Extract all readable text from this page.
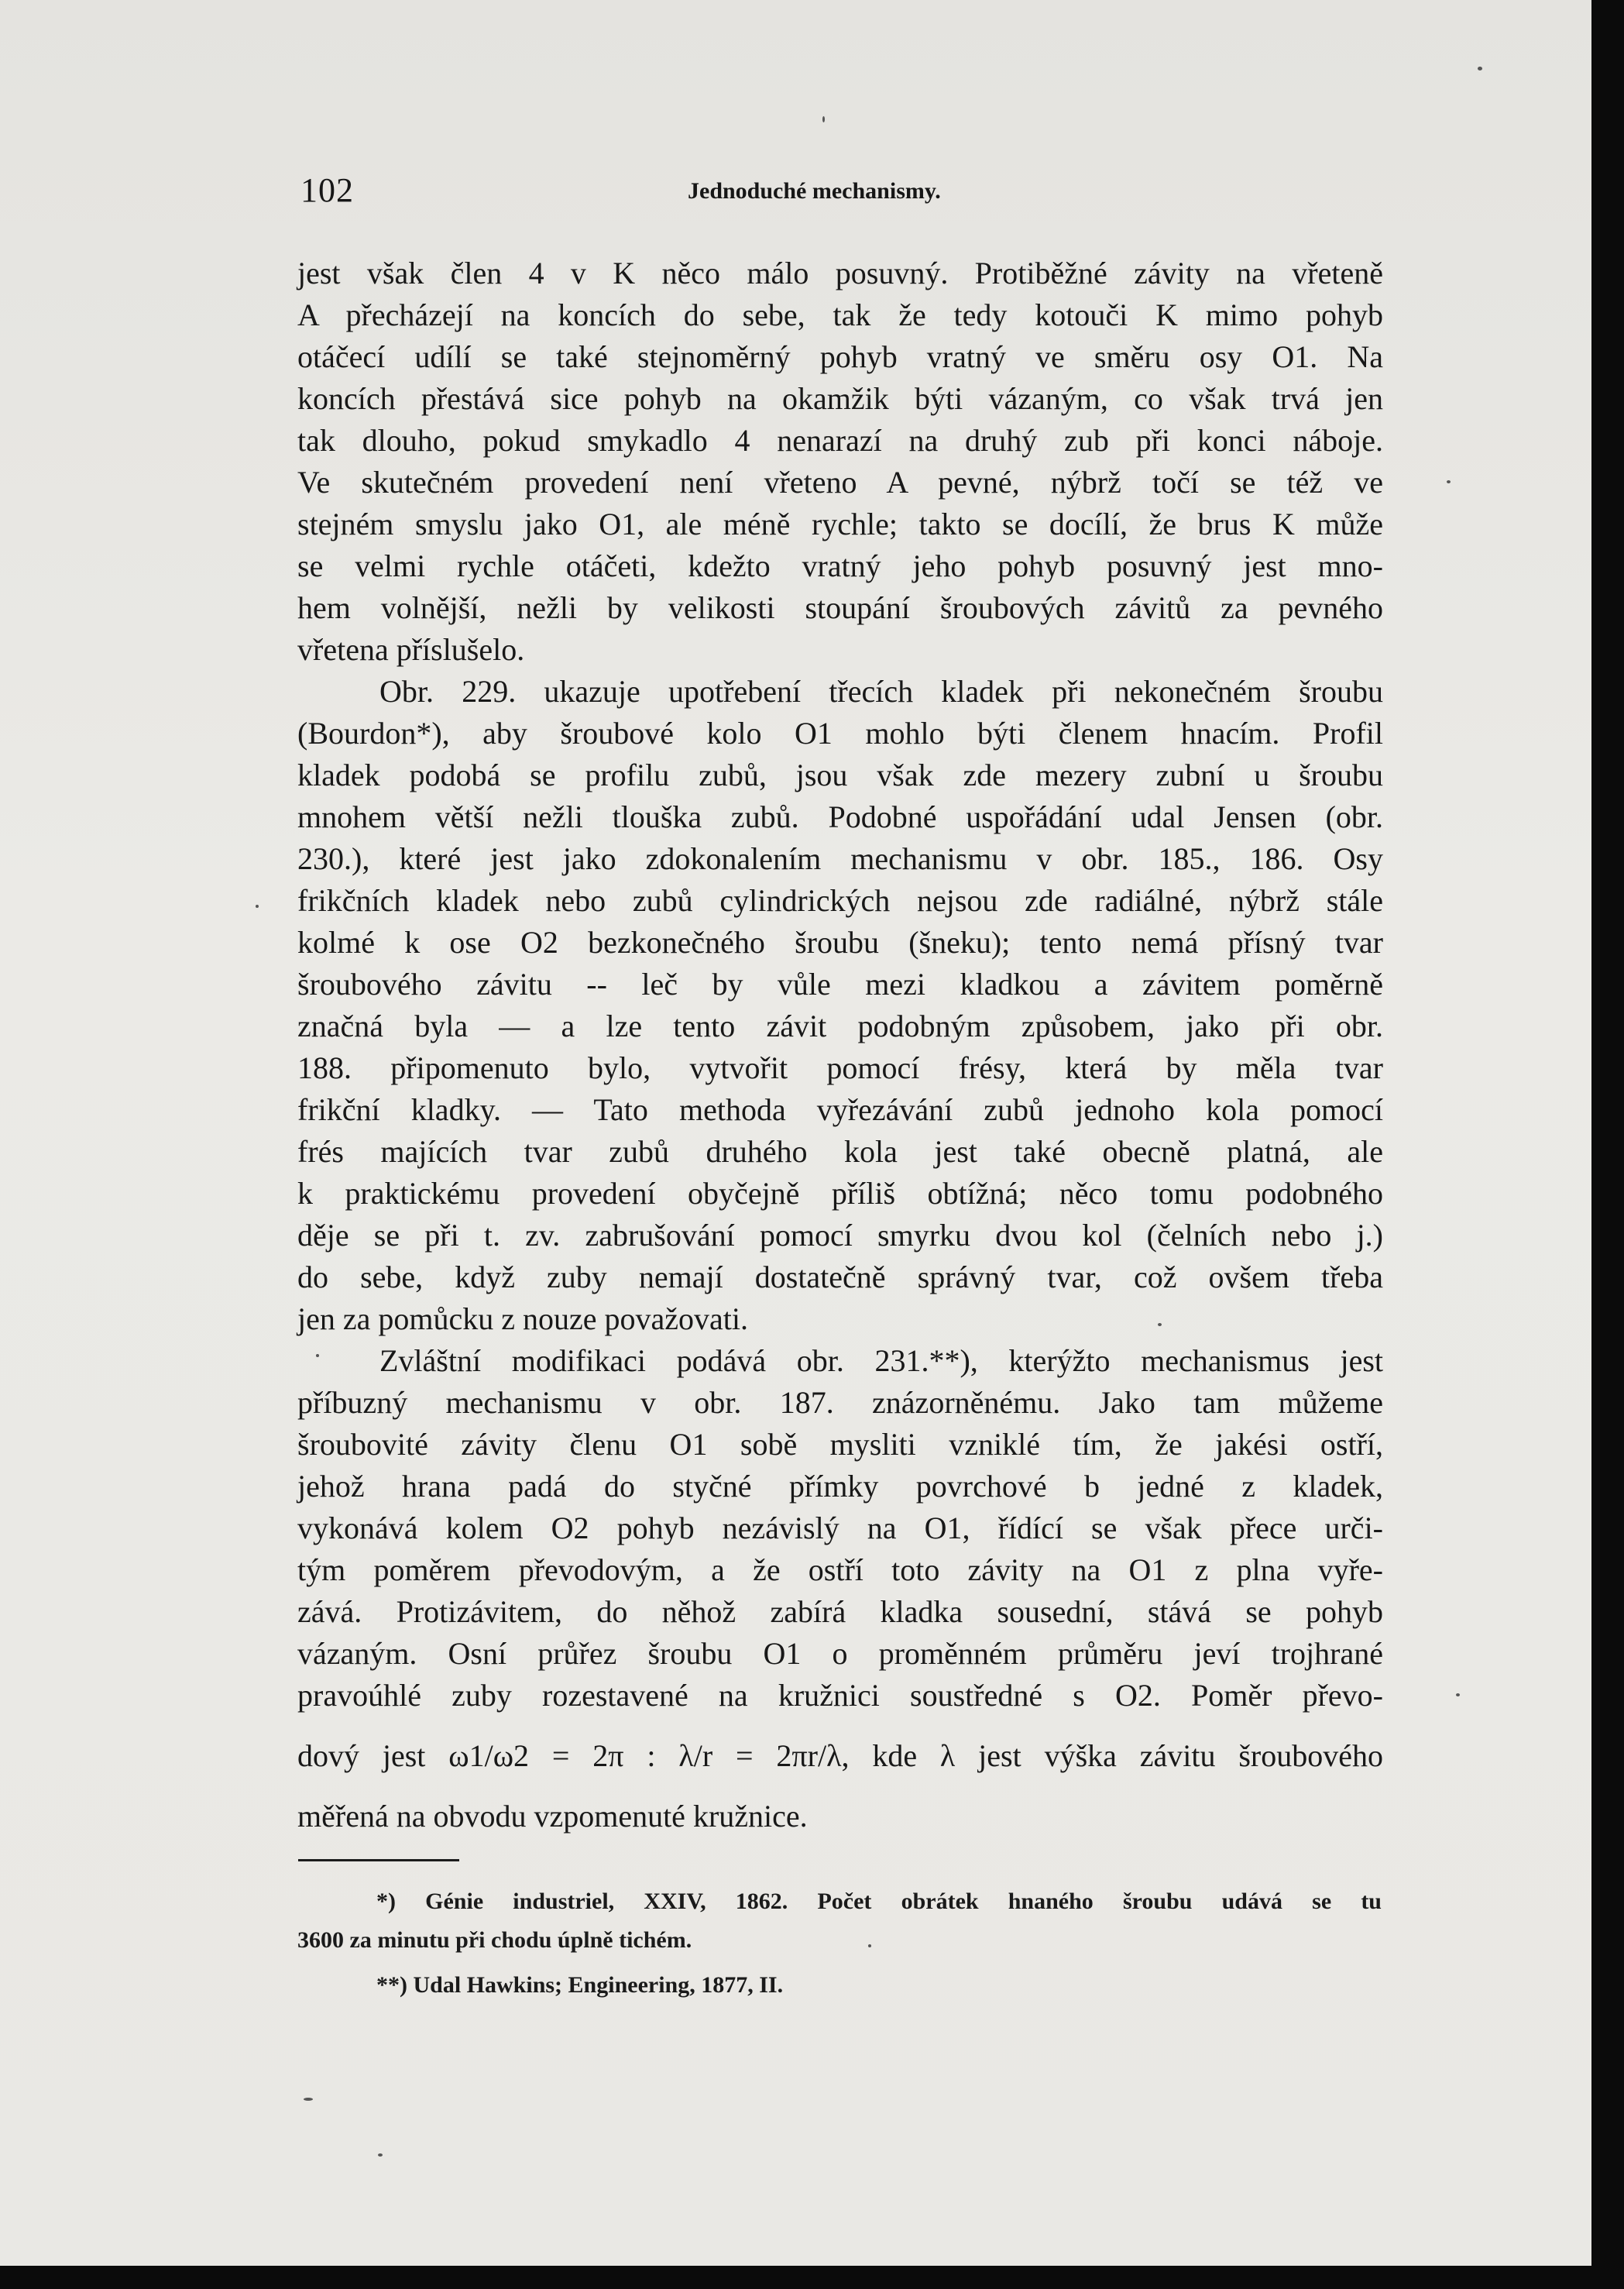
102	Jednoduché mechanismy.
jest však člen 4 v K něco málo posuvný. Protiběžné závity na vřeteně
A přecházejí na koncích do sebe, tak že tedy kotouči K mimo pohyb
otáčecí udílí se také stejnoměrný pohyb vratný ve směru osy O1. Na
koncích přestává sice pohyb na okamžik býti vázaným, co však trvá jen
tak dlouho, pokud smykadlo 4 nenarazí na druhý zub při konci náboje.
Ve skutečném provedení není vřeteno A pevné, nýbrž točí se též ve
stejném smyslu jako O1, ale méně rychle; takto se docílí, že brus K může
se velmi rychle otáčeti, kdežto vratný jeho pohyb posuvný jest mno-
hem volnější, nežli by velikosti stoupání šroubových závitů za pevného
vřetena příslušelo.
Obr. 229. ukazuje upotřebení třecích kladek při nekonečném šroubu
(Bourdon*), aby šroubové kolo O1 mohlo býti členem hnacím. Profil
kladek podobá se profilu zubů, jsou však zde mezery zubní u šroubu
mnohem větší nežli tlouška zubů. Podobné uspořádání udal Jensen (obr.
230.), které jest jako zdokonalením mechanismu v obr. 185., 186. Osy
frikčních kladek nebo zubů cylindrických nejsou zde radiálné, nýbrž stále
kolmé k ose O2 bezkonečného šroubu (šneku); tento nemá přísný tvar
šroubového závitu -- leč by vůle mezi kladkou a závitem poměrně
značná byla — a lze tento závit podobným způsobem, jako při obr.
188. připomenuto bylo, vytvořit pomocí frésy, která by měla tvar
frikční kladky. — Tato methoda vyřezávání zubů jednoho kola pomocí
frés majících tvar zubů druhého kola jest také obecně platná, ale
k praktickému provedení obyčejně příliš obtížná; něco tomu podobného
děje se při t. zv. zabrušování pomocí smyrku dvou kol (čelních nebo j.)
do sebe, když zuby nemají dostatečně správný tvar, což ovšem třeba
jen za pomůcku z nouze považovati.
Zvláštní modifikaci podává obr. 231.**), kterýžto mechanismus jest
příbuzný mechanismu v obr. 187. znázorněnému. Jako tam můžeme
šroubovité závity členu O1 sobě mysliti vzniklé tím, že jakési ostří,
jehož hrana padá do styčné přímky povrchové b jedné z kladek,
vykonává kolem O2 pohyb nezávislý na O1, řídící se však přece urči-
tým poměrem převodovým, a že ostří toto závity na O1 z plna vyře-
zává. Protizávitem, do něhož zabírá kladka sousední, stává se pohyb
vázaným. Osní průřez šroubu O1 o proměnném průměru jeví trojhrané
pravoúhlé zuby rozestavené na kružnici soustředné s O2. Poměr převo-
dový jest ω1/ω2 = 2π : λ/r = 2πr/λ, kde λ jest výška závitu šroubového
měřená na obvodu vzpomenuté kružnice.
*) Génie industriel, XXIV, 1862. Počet obrátek hnaného šroubu udává se tu
3600 za minutu při chodu úplně tichém.
**) Udal Hawkins; Engineering, 1877, II.
